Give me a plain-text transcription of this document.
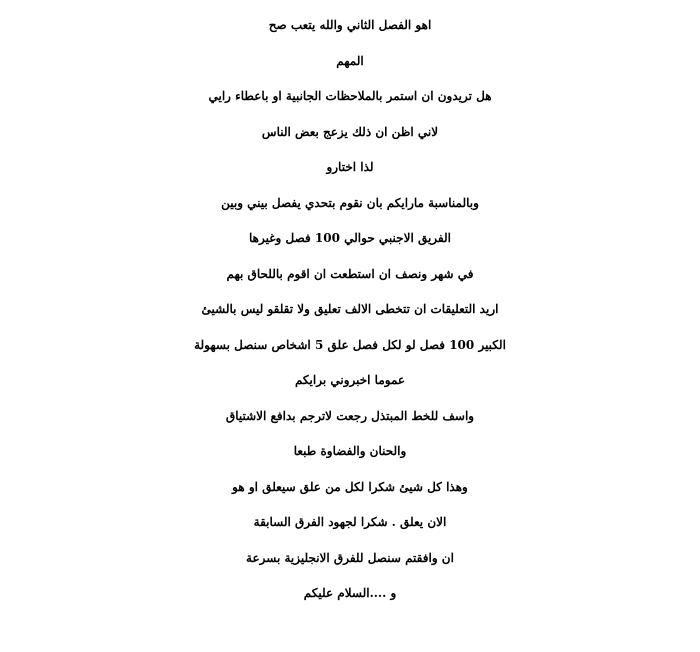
اهو الفصل الثاني والله يتعب صح
المهم
هل تريدون ان استمر بالملاحظات الجانبية او باعطاء رايي
لاني اظن ان ذلك يزعج بعض الناس
لذا اختارو
وبالمناسبة مارايكم بان نقوم بتحدي يفصل بيني وبين
الفريق الاجنبي حوالي 100 فصل وغيرها
في شهر ونصف ان استطعت ان اقوم باللحاق بهم
اريد التعليقات ان تتخطى الالف تعليق ولا تقلقو ليس بالشيئ
الكبير 100 فصل لو لكل فصل علق 5 اشخاص سنصل بسهولة
عموما اخبروني برايكم
واسف للخط المبتذل رجعت لاترجم بدافع الاشتياق
والحنان والفضاوة طبعا
وهذا كل شيئ شكرا لكل من علق سيعلق او هو
الان يعلق . شكرا لجهود الفرق السابقة
ان وافقتم سنصل للفرق الانجليزية بسرعة
و ....السلام عليكم
